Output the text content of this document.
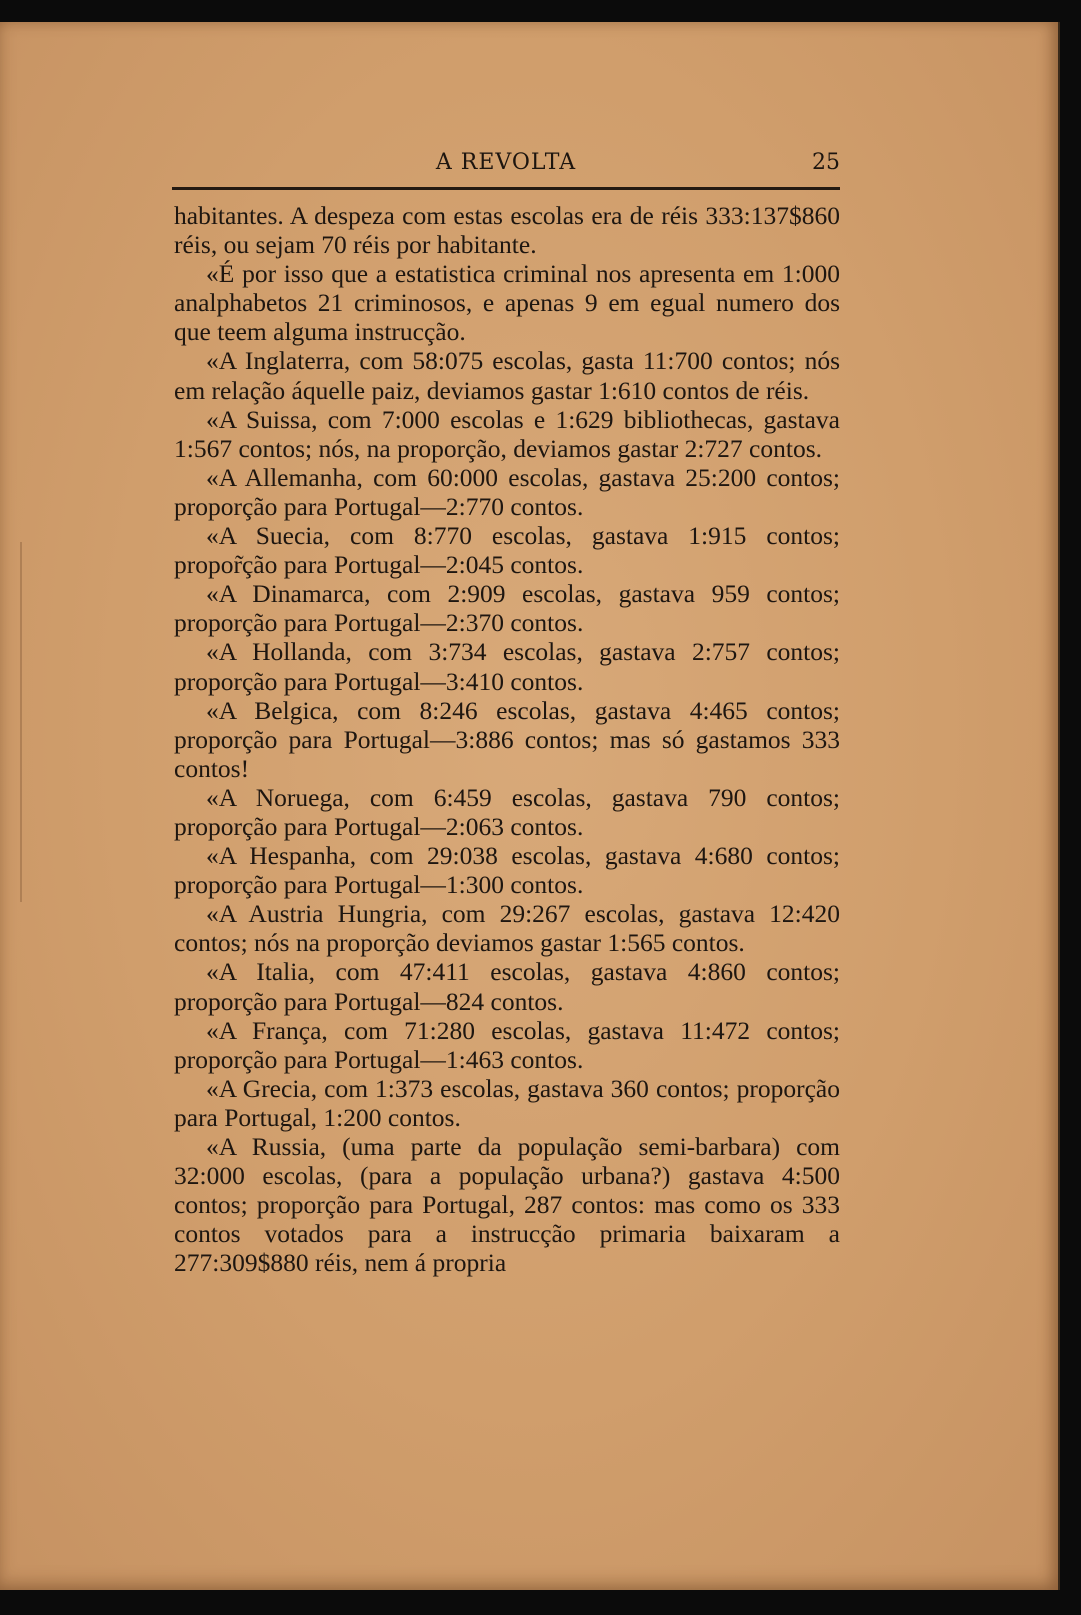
A REVOLTA	25

habitantes. A despeza com estas escolas era de réis 333:137$860 réis, ou sejam 70 réis por habitante.

«É por isso que a estatistica criminal nos apresenta em 1:000 analphabetos 21 criminosos, e apenas 9 em egual numero dos que teem alguma instrucção.

«A Inglaterra, com 58:075 escolas, gasta 11:700 contos; nós em relação áquelle paiz, deviamos gastar 1:610 contos de réis.

«A Suissa, com 7:000 escolas e 1:629 bibliothecas, gastava 1:567 contos; nós, na proporção, deviamos gastar 2:727 contos.

«A Allemanha, com 60:000 escolas, gastava 25:200 contos; proporção para Portugal—2:770 contos.

«A Suecia, com 8:770 escolas, gastava 1:915 contos; propor̃ção para Portugal—2:045 contos.

«A Dinamarca, com 2:909 escolas, gastava 959 contos; proporção para Portugal—2:370 contos.

«A Hollanda, com 3:734 escolas, gastava 2:757 contos; proporção para Portugal—3:410 contos.

«A Belgica, com 8:246 escolas, gastava 4:465 contos; proporção para Portugal—3:886 contos; mas só gastamos 333 contos!

«A Noruega, com 6:459 escolas, gastava 790 contos; proporção para Portugal—2:063 contos.

«A Hespanha, com 29:038 escolas, gastava 4:680 contos; proporção para Portugal—1:300 contos.

«A Austria Hungria, com 29:267 escolas, gastava 12:420 contos; nós na proporção deviamos gastar 1:565 contos.

«A Italia, com 47:411 escolas, gastava 4:860 contos; proporção para Portugal—824 contos.

«A França, com 71:280 escolas, gastava 11:472 contos; proporção para Portugal—1:463 contos.

«A Grecia, com 1:373 escolas, gastava 360 contos; proporção para Portugal, 1:200 contos.

«A Russia, (uma parte da população semi-barbara) com 32:000 escolas, (para a população urbana?) gastava 4:500 contos; proporção para Portugal, 287 contos: mas como os 333 contos votados para a instrucção primaria baixaram a 277:309$880 réis, nem á propria
